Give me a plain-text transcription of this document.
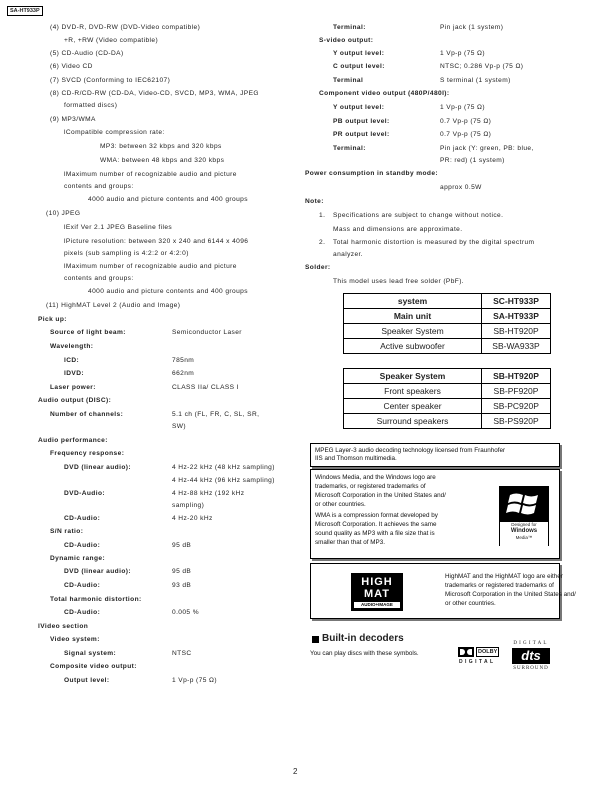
SA-HT933P
(4) DVD-R, DVD-RW (DVD-Video compatible)
+R, +RW (Video compatible)
(5) CD-Audio (CD-DA)
(6) Video CD
(7) SVCD (Conforming to IEC62107)
(8) CD-R/CD-RW (CD-DA, Video-CD, SVCD, MP3, WMA, JPEG
formatted discs)
(9) MP3/WMA
lCompatible compression rate:
MP3: between 32 kbps and 320 kbps
WMA: between 48 kbps and 320 kbps
lMaximum number of recognizable audio and picture
contents and groups:
4000 audio and picture contents and 400 groups
(10) JPEG
lExif Ver 2.1 JPEG Baseline files
lPicture resolution: between 320 x 240 and 6144 x 4096
pixels (sub sampling is 4:2:2 or 4:2:0)
lMaximum number of recognizable audio and picture
contents and groups:
4000 audio and picture contents and 400 groups
(11) HighMAT Level 2 (Audio and Image)
Pick up:
Source of light beam:	Semiconductor Laser
Wavelength:
lCD:	785nm
lDVD:	662nm
Laser power:	CLASS IIa/ CLASS I
Audio output (DISC):
Number of channels:	5.1 ch (FL, FR, C, SL, SR,
SW)
Audio performance:
Frequency response:
DVD (linear audio):	4 Hz-22 kHz (48 kHz sampling)
4 Hz-44 kHz (96 kHz sampling)
DVD-Audio:	4 Hz-88 kHz (192 kHz
sampling)
CD-Audio:	4 Hz-20 kHz
S/N ratio:
CD-Audio:	95 dB
Dynamic range:
DVD (linear audio):	95 dB
CD-Audio:	93 dB
Total harmonic distortion:
CD-Audio:	0.005 %
lVideo section
Video system:
Signal system:	NTSC
Composite video output:
Output level:	1 Vp-p (75 Ω)
Terminal:	Pin jack (1 system)
S-video output:
Y output level:	1 Vp-p (75 Ω)
C output level:	NTSC; 0.286 Vp-p (75 Ω)
Terminal	S terminal (1 system)
Component video output (480P/480I):
Y output level:	1 Vp-p (75 Ω)
PB output level:	0.7 Vp-p (75 Ω)
PR output level:	0.7 Vp-p (75 Ω)
Terminal:	Pin jack (Y: green, PB: blue,
PR: red) (1 system)
Power consumption in standby mode:
approx 0.5W
Note:
1. Specifications are subject to change without notice.
Mass and dimensions are approximate.
2. Total harmonic distortion is measured by the digital spectrum
analyzer.
Solder:
This model uses lead free solder (PbF).
system	SC-HT933P
Main unit	SA-HT933P
Speaker System	SB-HT920P
Active subwoofer	SB-WA933P
Speaker System	SB-HT920P
Front speakers	SB-PF920P
Center speaker	SB-PC920P
Surround speakers	SB-PS920P
MPEG Layer-3 audio decoding technology licensed from Fraunhofer
IIS and Thomson multimedia.
Windows Media, and the Windows logo are
trademarks, or registered trademarks of
Microsoft Corporation in the United States and/
or other countries.
WMA is a compression format developed by
Microsoft Corporation. It achieves the same
sound quality as MP3 with a file size that is
smaller than that of MP3.
Designed for
Windows
Media™
HIGH
MAT
AUDIO+IMAGE
HighMAT and the HighMAT logo are either
trademarks or registered trademarks of
Microsoft Corporation in the United States and/
or other countries.
Built-in decoders
You can play discs with these symbols.	DOLBY
DIGITAL
DIGITAL
dts
SURROUND
2
